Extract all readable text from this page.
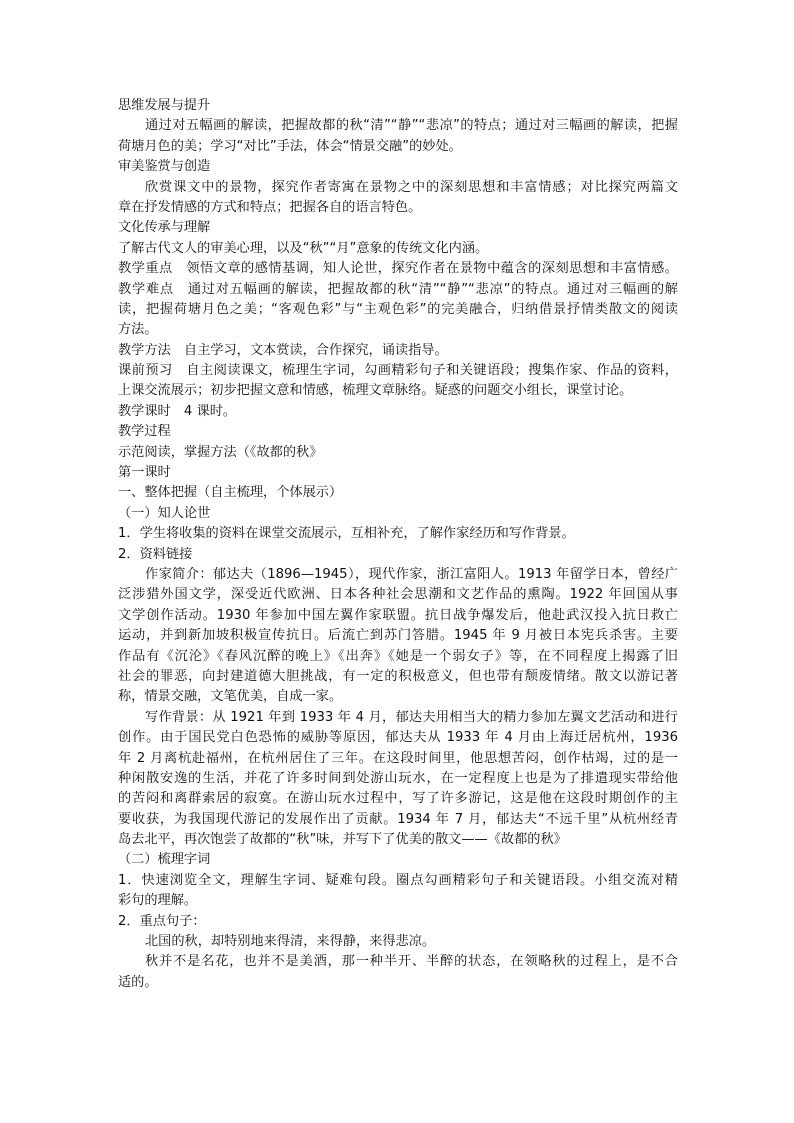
思维发展与提升
通过对五幅画的解读，把握故都的秋“清”“静”“悲凉”的特点；通过对三幅画的解读，把握
荷塘月色的美；学习“对比”手法，体会“情景交融”的妙处。
审美鉴赏与创造
欣赏课文中的景物，探究作者寄寓在景物之中的深刻思想和丰富情感；对比探究两篇文
章在抒发情感的方式和特点；把握各自的语言特色。
文化传承与理解
了解古代文人的审美心理，以及“秋”“月”意象的传统文化内涵。
教学重点　领悟文章的感情基调，知人论世，探究作者在景物中蕴含的深刻思想和丰富情感。
教学难点　通过对五幅画的解读，把握故都的秋“清”“静”“悲凉”的特点。通过对三幅画的解
读，把握荷塘月色之美；“客观色彩”与“主观色彩”的完美融合，归纳借景抒情类散文的阅读
方法。
教学方法　自主学习，文本赏读，合作探究，诵读指导。
课前预习　自主阅读课文，梳理生字词，勾画精彩句子和关键语段；搜集作家、作品的资料，
上课交流展示；初步把握文意和情感，梳理文章脉络。疑惑的问题交小组长，课堂讨论。
教学课时　4 课时。
教学过程
示范阅读，掌握方法（《故都的秋》
第一课时
一、整体把握（自主梳理，个体展示）
（一）知人论世
1．学生将收集的资料在课堂交流展示，互相补充，了解作家经历和写作背景。
2．资料链接
作家简介：郁达夫（1896—1945），现代作家，浙江富阳人。1913 年留学日本，曾经广
泛涉猎外国文学，深受近代欧洲、日本各种社会思潮和文艺作品的熏陶。1922 年回国从事
文学创作活动。1930 年参加中国左翼作家联盟。抗日战争爆发后，他赴武汉投入抗日救亡
运动，并到新加坡积极宣传抗日。后流亡到苏门答腊。1945 年 9 月被日本宪兵杀害。主要
作品有《沉沦》《春风沉醉的晚上》《出奔》《她是一个弱女子》等，在不同程度上揭露了旧
社会的罪恶，向封建道德大胆挑战，有一定的积极意义，但也带有颓废情绪。散文以游记著
称，情景交融，文笔优美，自成一家。
写作背景：从 1921 年到 1933 年 4 月，郁达夫用相当大的精力参加左翼文艺活动和进行
创作。由于国民党白色恐怖的威胁等原因，郁达夫从 1933 年 4 月由上海迁居杭州，1936
年 2 月离杭赴福州，在杭州居住了三年。在这段时间里，他思想苦闷，创作枯竭，过的是一
种闲散安逸的生活，并花了许多时间到处游山玩水，在一定程度上也是为了排遣现实带给他
的苦闷和离群索居的寂寞。在游山玩水过程中，写了许多游记，这是他在这段时期创作的主
要收获，为我国现代游记的发展作出了贡献。1934 年 7 月，郁达夫“不远千里”从杭州经青
岛去北平，再次饱尝了故都的“秋”味，并写下了优美的散文——《故都的秋》
（二）梳理字词
1．快速浏览全文，理解生字词、疑难句段。圈点勾画精彩句子和关键语段。小组交流对精
彩句的理解。
2．重点句子：
北国的秋，却特别地来得清，来得静，来得悲凉。
秋并不是名花，也并不是美酒，那一种半开、半醉的状态，在领略秋的过程上，是不合
适的。
